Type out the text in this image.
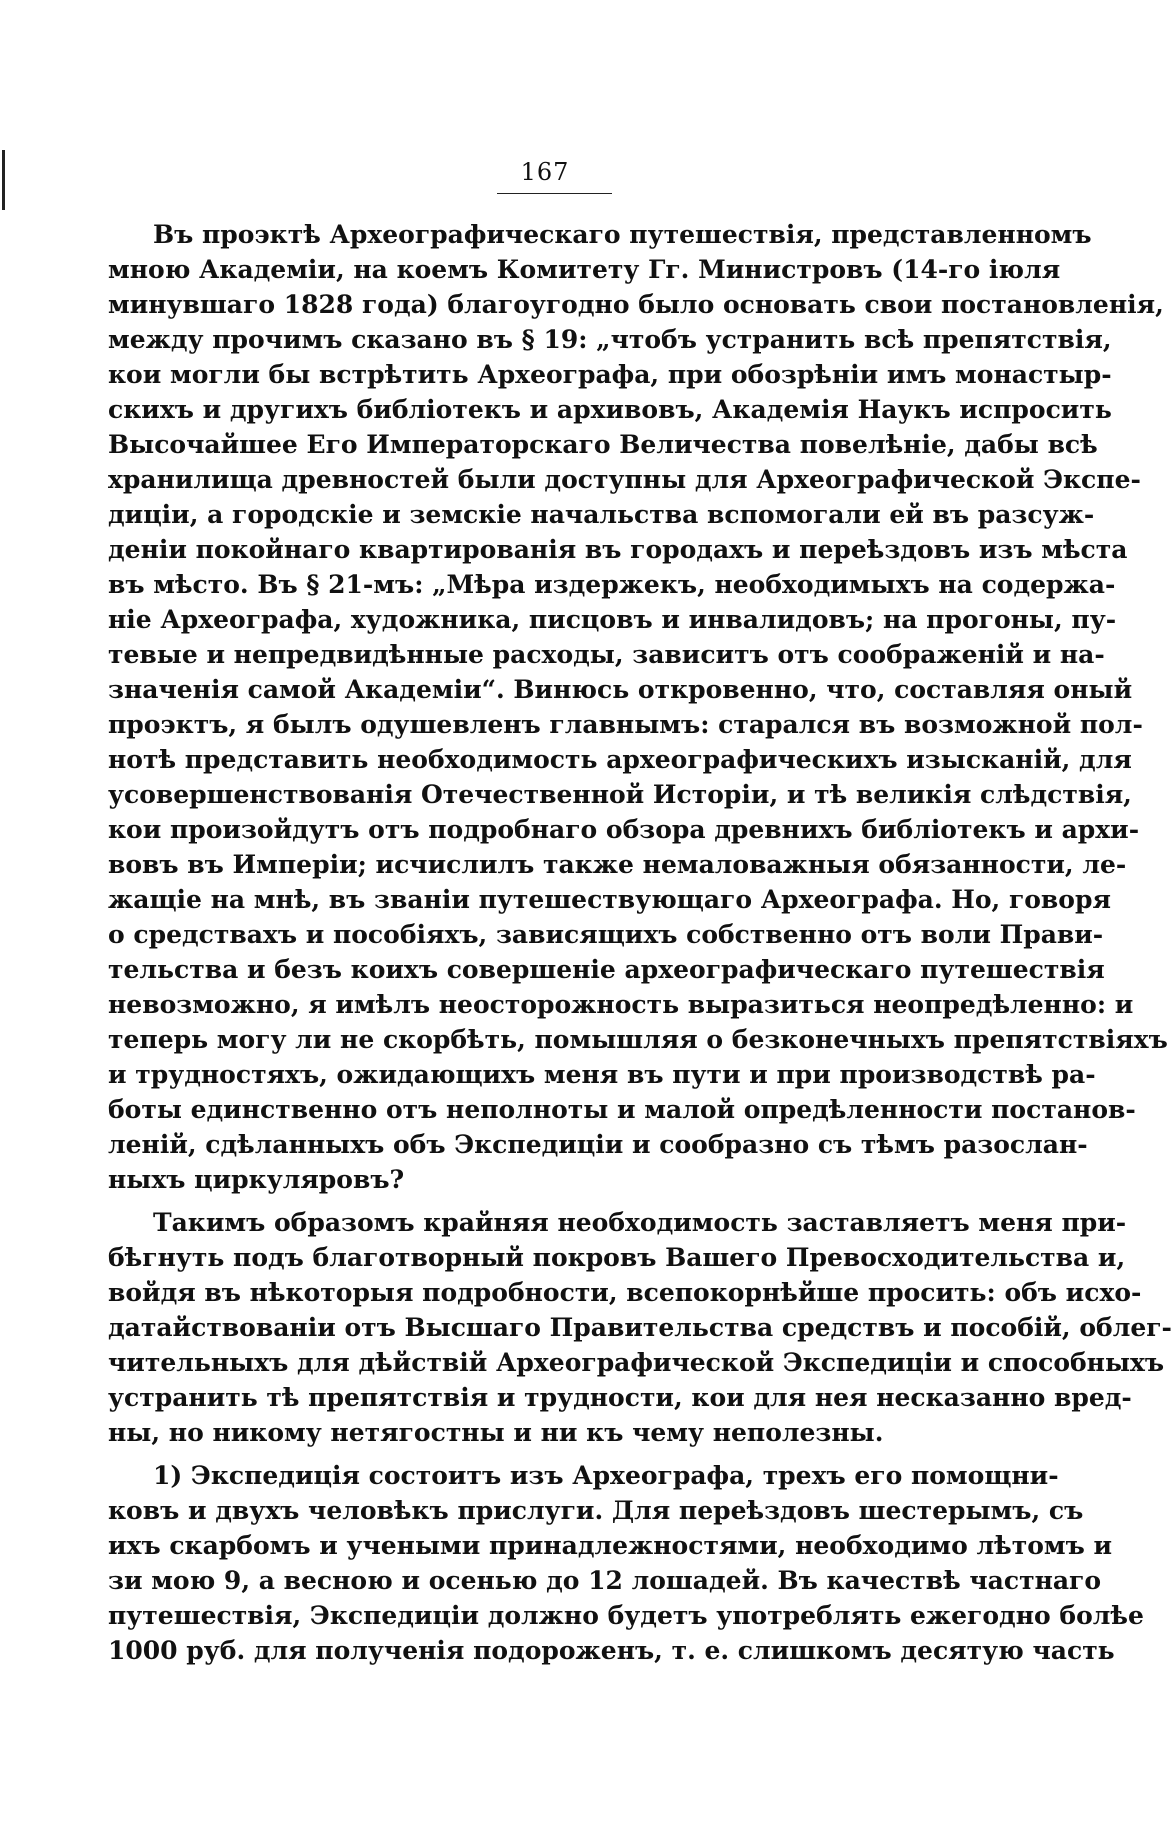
167
Въ проэктѣ Археографическаго путешествія, представленномъ
мною Академіи, на коемъ Комитету Гг. Министровъ (14-го іюля
минувшаго 1828 года) благоугодно было основать свои постановленія,
между прочимъ сказано въ § 19: „чтобъ устранить всѣ препятствія,
кои могли бы встрѣтить Археографа, при обозрѣніи имъ монастыр-
скихъ и другихъ библіотекъ и архивовъ, Академія Наукъ испросить
Высочайшее Его Императорскаго Величества повелѣніе, дабы всѣ
хранилища древностей были доступны для Археографической Экспе-
диціи, а городскіе и земскіе начальства вспомогали ей въ разсуж-
деніи покойнаго квартированія въ городахъ и переѣздовъ изъ мѣста
въ мѣсто. Въ § 21-мъ: „Мѣра издержекъ, необходимыхъ на содержа-
ніе Археографа, художника, писцовъ и инвалидовъ; на прогоны, пу-
тевые и непредвидѣнные расходы, зависитъ отъ соображеній и на-
значенія самой Академіи“. Винюсь откровенно, что, составляя оный
проэктъ, я былъ одушевленъ главнымъ: старался въ возможной пол-
нотѣ представить необходимость археографическихъ изысканій, для
усовершенствованія Отечественной Исторіи, и тѣ великія слѣдствія,
кои произойдутъ отъ подробнаго обзора древнихъ библіотекъ и архи-
вовъ въ Имперіи; исчислилъ также немаловажныя обязанности, ле-
жащіе на мнѣ, въ званіи путешествующаго Археографа. Но, говоря
о средствахъ и пособіяхъ, зависящихъ собственно отъ воли Прави-
тельства и безъ коихъ совершеніе археографическаго путешествія
невозможно, я имѣлъ неосторожность выразиться неопредѣленно: и
теперь могу ли не скорбѣть, помышляя о безконечныхъ препятствіяхъ
и трудностяхъ, ожидающихъ меня въ пути и при производствѣ ра-
боты единственно отъ неполноты и малой опредѣленности постанов-
леній, сдѣланныхъ объ Экспедиціи и сообразно съ тѣмъ разослан-
ныхъ циркуляровъ?
Такимъ образомъ крайняя необходимость заставляетъ меня при-
бѣгнуть подъ благотворный покровъ Вашего Превосходительства и,
войдя въ нѣкоторыя подробности, всепокорнѣйше просить: объ исхо-
датайствованіи отъ Высшаго Правительства средствъ и пособій, облег-
чительныхъ для дѣйствій Археографической Экспедиціи и способныхъ
устранить тѣ препятствія и трудности, кои для нея несказанно вред-
ны, но никому нетягостны и ни къ чему неполезны.
1) Экспедиція состоитъ изъ Археографа, трехъ его помощни-
ковъ и двухъ человѣкъ прислуги. Для переѣздовъ шестерымъ, съ
ихъ скарбомъ и учеными принадлежностями, необходимо лѣтомъ и
зи мою 9, а весною и осенью до 12 лошадей. Въ качествѣ частнаго
путешествія, Экспедиціи должно будетъ употреблять ежегодно болѣе
1000 руб. для полученія подороженъ, т. е. слишкомъ десятую часть
